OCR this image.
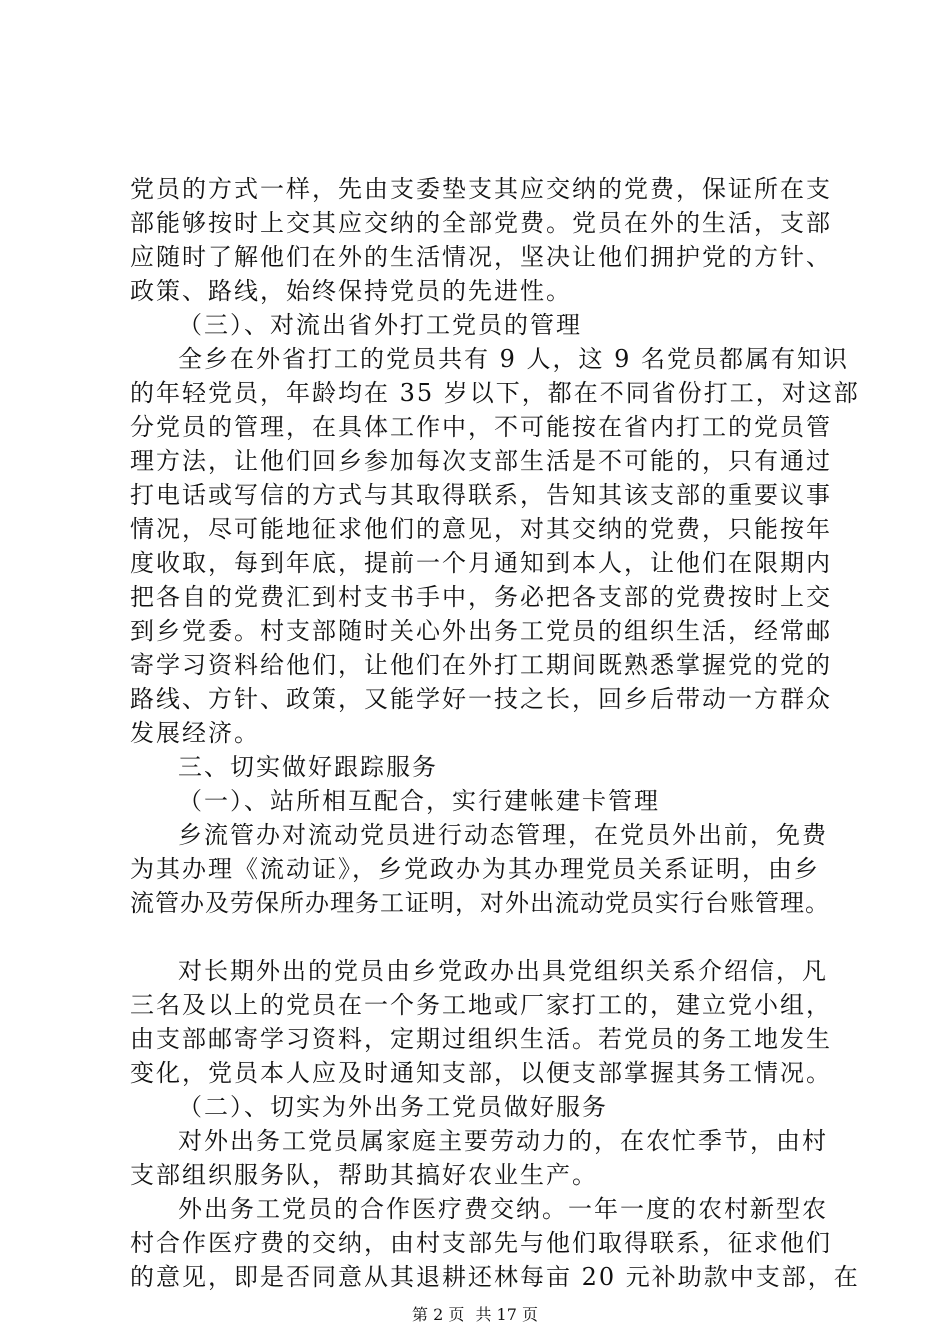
党员的方式一样，先由支委垫支其应交纳的党费，保证所在支

部能够按时上交其应交纳的全部党费。党员在外的生活，支部

应随时了解他们在外的生活情况，坚决让他们拥护党的方针、

政策、路线，始终保持党员的先进性。

（三）、对流出省外打工党员的管理

全乡在外省打工的党员共有 9 人，这 9 名党员都属有知识

的年轻党员，年龄均在 35 岁以下，都在不同省份打工，对这部

分党员的管理，在具体工作中，不可能按在省内打工的党员管

理方法，让他们回乡参加每次支部生活是不可能的，只有通过

打电话或写信的方式与其取得联系，告知其该支部的重要议事

情况，尽可能地征求他们的意见，对其交纳的党费，只能按年

度收取，每到年底，提前一个月通知到本人，让他们在限期内

把各自的党费汇到村支书手中，务必把各支部的党费按时上交

到乡党委。村支部随时关心外出务工党员的组织生活，经常邮

寄学习资料给他们，让他们在外打工期间既熟悉掌握党的党的

路线、方针、政策，又能学好一技之长，回乡后带动一方群众

发展经济。

三、切实做好跟踪服务

（一）、站所相互配合，实行建帐建卡管理

乡流管办对流动党员进行动态管理，在党员外出前，免费

为其办理《流动证》，乡党政办为其办理党员关系证明，由乡

流管办及劳保所办理务工证明，对外出流动党员实行台账管理。

对长期外出的党员由乡党政办出具党组织关系介绍信，凡

三名及以上的党员在一个务工地或厂家打工的，建立党小组，

由支部邮寄学习资料，定期过组织生活。若党员的务工地发生

变化，党员本人应及时通知支部，以便支部掌握其务工情况。

（二）、切实为外出务工党员做好服务

对外出务工党员属家庭主要劳动力的，在农忙季节，由村

支部组织服务队，帮助其搞好农业生产。

外出务工党员的合作医疗费交纳。一年一度的农村新型农

村合作医疗费的交纳，由村支部先与他们取得联系，征求他们

的意见，即是否同意从其退耕还林每亩 20 元补助款中支部，在

第 2 页 共 17 页
